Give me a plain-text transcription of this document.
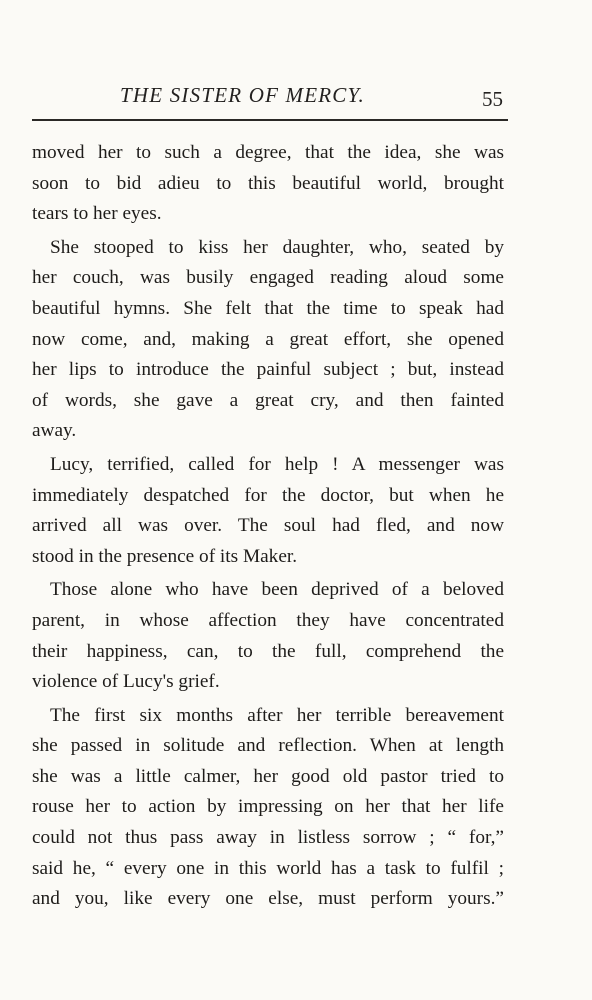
THE SISTER OF MERCY.	55
moved her to such a degree, that the idea, she was
soon to bid adieu to this beautiful world, brought
tears to her eyes.
She stooped to kiss her daughter, who, seated by
her couch, was busily engaged reading aloud some
beautiful hymns. She felt that the time to speak had
now come, and, making a great effort, she opened
her lips to introduce the painful subject ; but, instead
of words, she gave a great cry, and then fainted
away.
Lucy, terrified, called for help ! A messenger was
immediately despatched for the doctor, but when he
arrived all was over. The soul had fled, and now
stood in the presence of its Maker.
Those alone who have been deprived of a beloved
parent, in whose affection they have concentrated
their happiness, can, to the full, comprehend the
violence of Lucy's grief.
The first six months after her terrible bereavement
she passed in solitude and reflection. When at length
she was a little calmer, her good old pastor tried to
rouse her to action by impressing on her that her life
could not thus pass away in listless sorrow ; “ for,”
said he, “ every one in this world has a task to fulfil ;
and you, like every one else, must perform yours.”
